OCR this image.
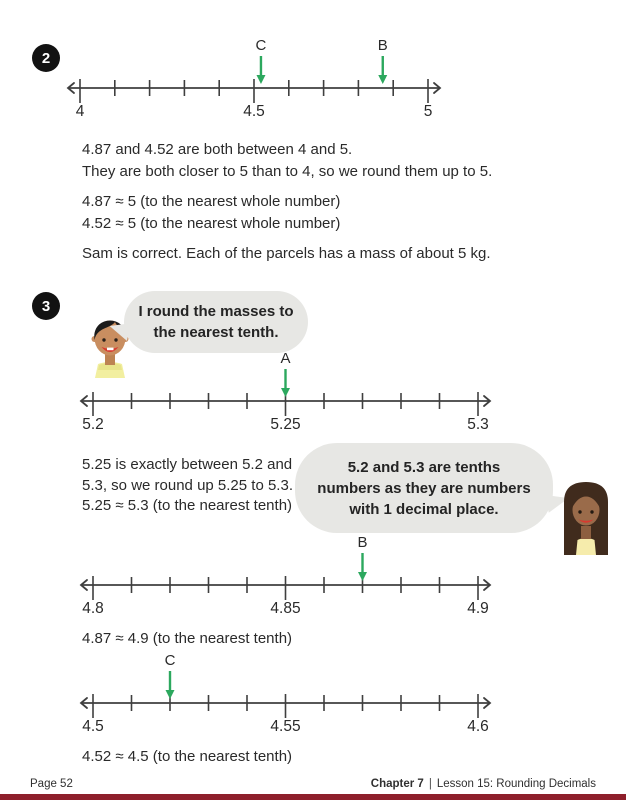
2
4	4.5	5
C	B
4.87 and 4.52 are both between 4 and 5.
They are both closer to 5 than to 4, so we round them up to 5.
4.87 ≈ 5 (to the nearest whole number)
4.52 ≈ 5 (to the nearest whole number)
Sam is correct. Each of the parcels has a mass of about 5 kg.
3	I round the masses to
the nearest tenth.
5.2	5.25	5.3
A
5.25 is exactly between 5.2 and
5.3, so we round up 5.25 to 5.3.
5.25 ≈ 5.3 (to the nearest tenth)
5.2 and 5.3 are tenths
numbers as they are numbers
with 1 decimal place.
4.8	4.85	4.9
B
4.87 ≈ 4.9 (to the nearest tenth)
4.5	4.55	4.6
C
4.52 ≈ 4.5 (to the nearest tenth)
Page 52	Chapter 7 | Lesson 15: Rounding Decimals
